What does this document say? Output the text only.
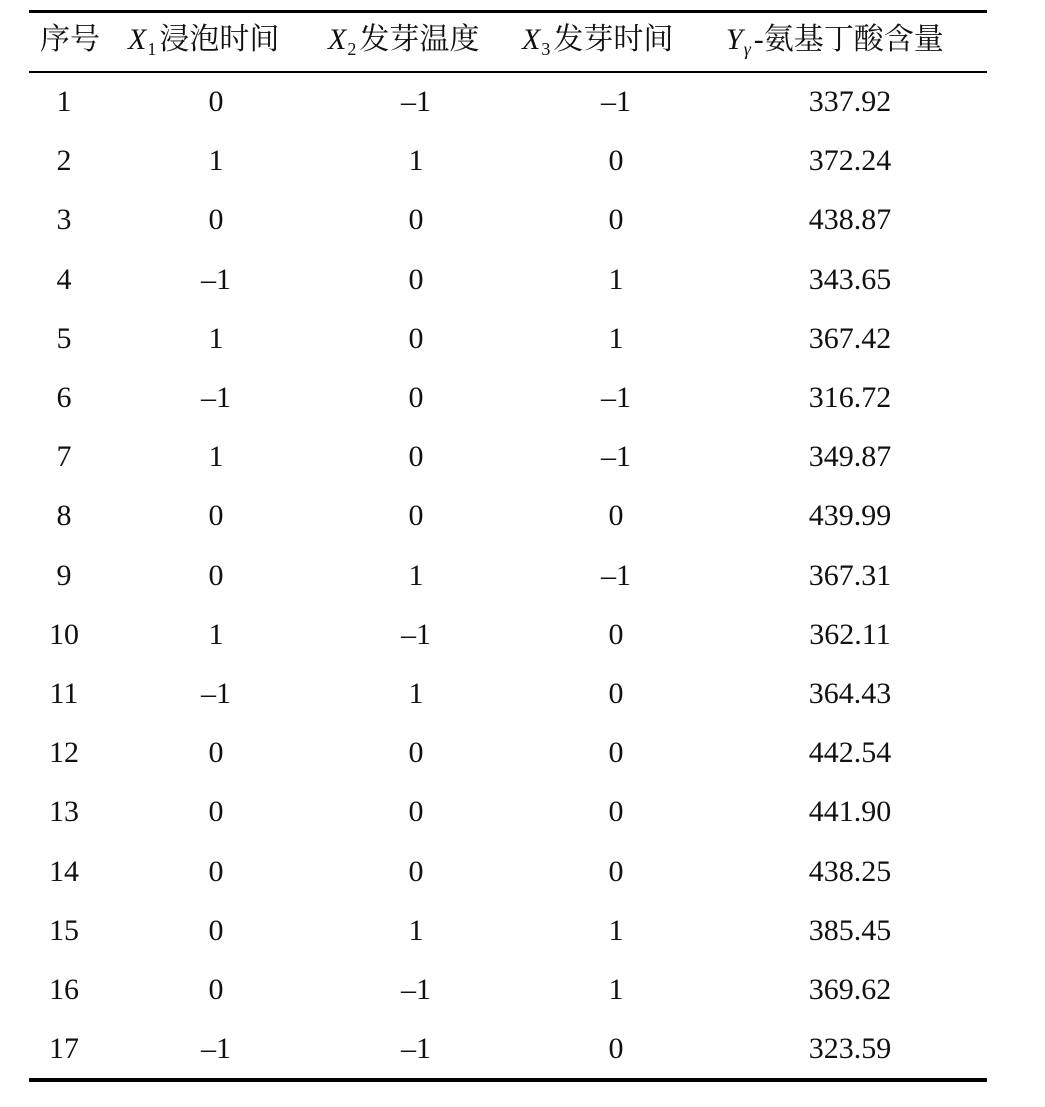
序号 $X_1$ 浸泡时间 $X_2$ 发芽温度 $X_3$ 发芽时间 $Y_\gamma$ -氨基丁酸含量
1	0	–1	–1	337.92
2	1	1	0	372.24
3	0	0	0	438.87
4	–1	0	1	343.65
5	1	0	1	367.42
6	–1	0	–1	316.72
7	1	0	–1	349.87
8	0	0	0	439.99
9	0	1	–1	367.31
10	1	–1	0	362.11
11	–1	1	0	364.43
12	0	0	0	442.54
13	0	0	0	441.90
14	0	0	0	438.25
15	0	1	1	385.45
16	0	–1	1	369.62
17	–1	–1	0	323.59
